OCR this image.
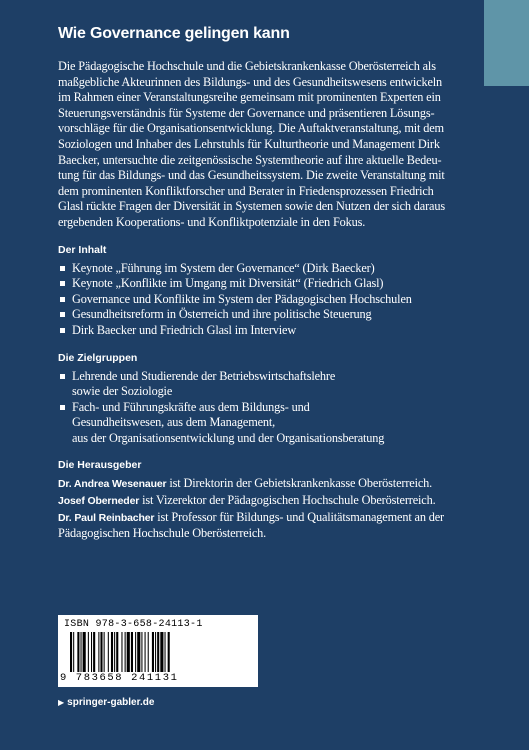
Wie Governance gelingen kann

Die Pädagogische Hochschule und die Gebietskrankenkasse Oberösterreich als
maßgebliche Akteurinnen des Bildungs- und des Gesundheitswesens entwickeln
im Rahmen einer Veranstaltungsreihe gemeinsam mit prominenten Experten ein
Steuerungsverständnis für Systeme der Governance und präsentieren Lösungs-
vorschläge für die Organisationsentwicklung. Die Auftaktveranstaltung, mit dem
Soziologen und Inhaber des Lehrstuhls für Kulturtheorie und Management Dirk
Baecker, untersuchte die zeitgenössische Systemtheorie auf ihre aktuelle Bedeu-
tung für das Bildungs- und das Gesundheitssystem. Die zweite Veranstaltung mit
dem prominenten Konfliktforscher und Berater in Friedensprozessen Friedrich
Glasl rückte Fragen der Diversität in Systemen sowie den Nutzen der sich daraus
ergebenden Kooperations- und Konfliktpotenziale in den Fokus.

Der Inhalt
Keynote „Führung im System der Governance“ (Dirk Baecker)
Keynote „Konflikte im Umgang mit Diversität“ (Friedrich Glasl)
Governance und Konflikte im System der Pädagogischen Hochschulen
Gesundheitsreform in Österreich und ihre politische Steuerung
Dirk Baecker und Friedrich Glasl im Interview
Die Zielgruppen
Lehrende und Studierende der Betriebswirtschaftslehre
sowie der Soziologie
Fach- und Führungskräfte aus dem Bildungs- und
Gesundheitswesen, aus dem Management,
aus der Organisationsentwicklung und der Organisationsberatung
Die Herausgeber
Dr. Andrea Wesenauer ist Direktorin der Gebietskrankenkasse Oberösterreich.
Josef Oberneder ist Vizerektor der Pädagogischen Hochschule Oberösterreich.
Dr. Paul Reinbacher ist Professor für Bildungs- und Qualitätsmanagement an der
Pädagogischen Hochschule Oberösterreich.
ISBN 978-3-658-24113-1
9 783658 241131
▶ springer-gabler.de
